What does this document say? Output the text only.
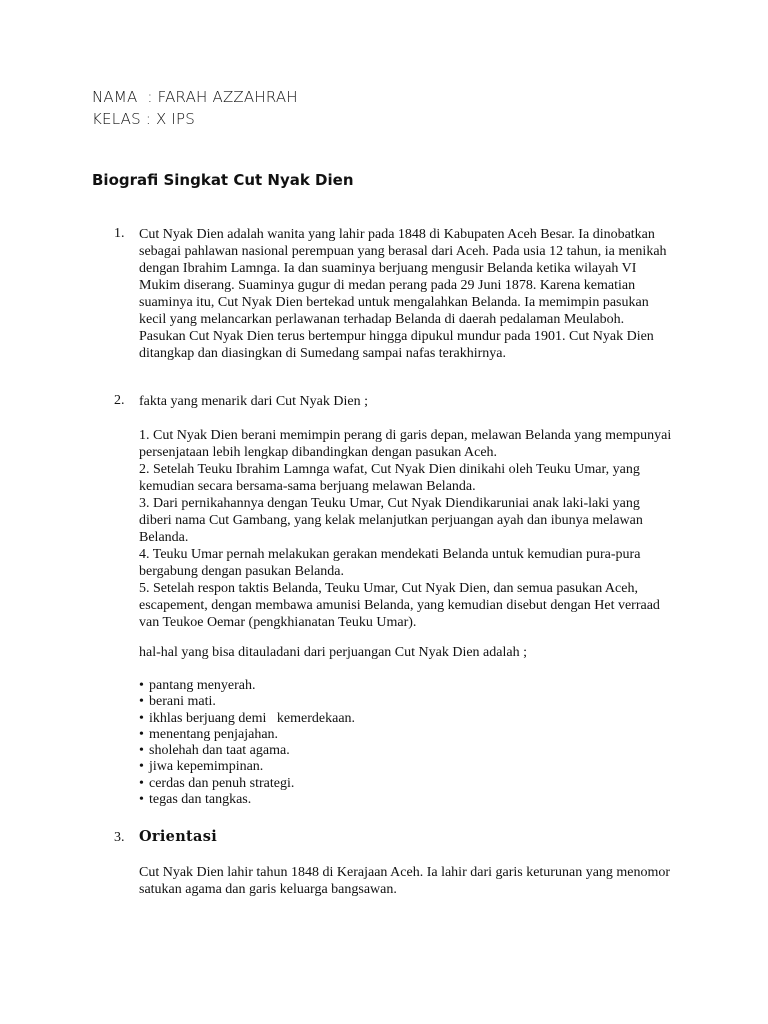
NAMA  : FARAH AZZAHRAH
KELAS : X IPS
Biografi Singkat Cut Nyak Dien
1. Cut Nyak Dien adalah wanita yang lahir pada 1848 di Kabupaten Aceh Besar. Ia dinobatkan sebagai pahlawan nasional perempuan yang berasal dari Aceh. Pada usia 12 tahun, ia menikah dengan Ibrahim Lamnga. Ia dan suaminya berjuang mengusir Belanda ketika wilayah VI Mukim diserang. Suaminya gugur di medan perang pada 29 Juni 1878. Karena kematian suaminya itu, Cut Nyak Dien bertekad untuk mengalahkan Belanda. Ia memimpin pasukan kecil yang melancarkan perlawanan terhadap Belanda di daerah pedalaman Meulaboh. Pasukan Cut Nyak Dien terus bertempur hingga dipukul mundur pada 1901. Cut Nyak Dien ditangkap dan diasingkan di Sumedang sampai nafas terakhirnya.

2. fakta yang menarik dari Cut Nyak Dien ;

1. Cut Nyak Dien berani memimpin perang di garis depan, melawan Belanda yang mempunyai persenjataan lebih lengkap dibandingkan dengan pasukan Aceh.

2. Setelah Teuku Ibrahim Lamnga wafat, Cut Nyak Dien dinikahi oleh Teuku Umar, yang kemudian secara bersama-sama berjuang melawan Belanda.

3. Dari pernikahannya dengan Teuku Umar, Cut Nyak Diendikaruniai anak laki-laki yang diberi nama Cut Gambang, yang kelak melanjutkan perjuangan ayah dan ibunya melawan Belanda.

4. Teuku Umar pernah melakukan gerakan mendekati Belanda untuk kemudian pura-pura bergabung dengan pasukan Belanda.

5. Setelah respon taktis Belanda, Teuku Umar, Cut Nyak Dien, dan semua pasukan Aceh, escapement, dengan membawa amunisi Belanda, yang kemudian disebut dengan Het verraad van Teukoe Oemar (pengkhianatan Teuku Umar).

hal-hal yang bisa ditauladani dari perjuangan Cut Nyak Dien adalah ;
• pantang menyerah.
• berani mati.
• ikhlas berjuang demi   kemerdekaan.
• menentang penjajahan.
• sholehah dan taat agama.
• jiwa kepemimpinan.
• cerdas dan penuh strategi.
• tegas dan tangkas.
3. Orientasi

Cut Nyak Dien lahir tahun 1848 di Kerajaan Aceh. Ia lahir dari garis keturunan yang menomor satukan agama dan garis keluarga bangsawan.
